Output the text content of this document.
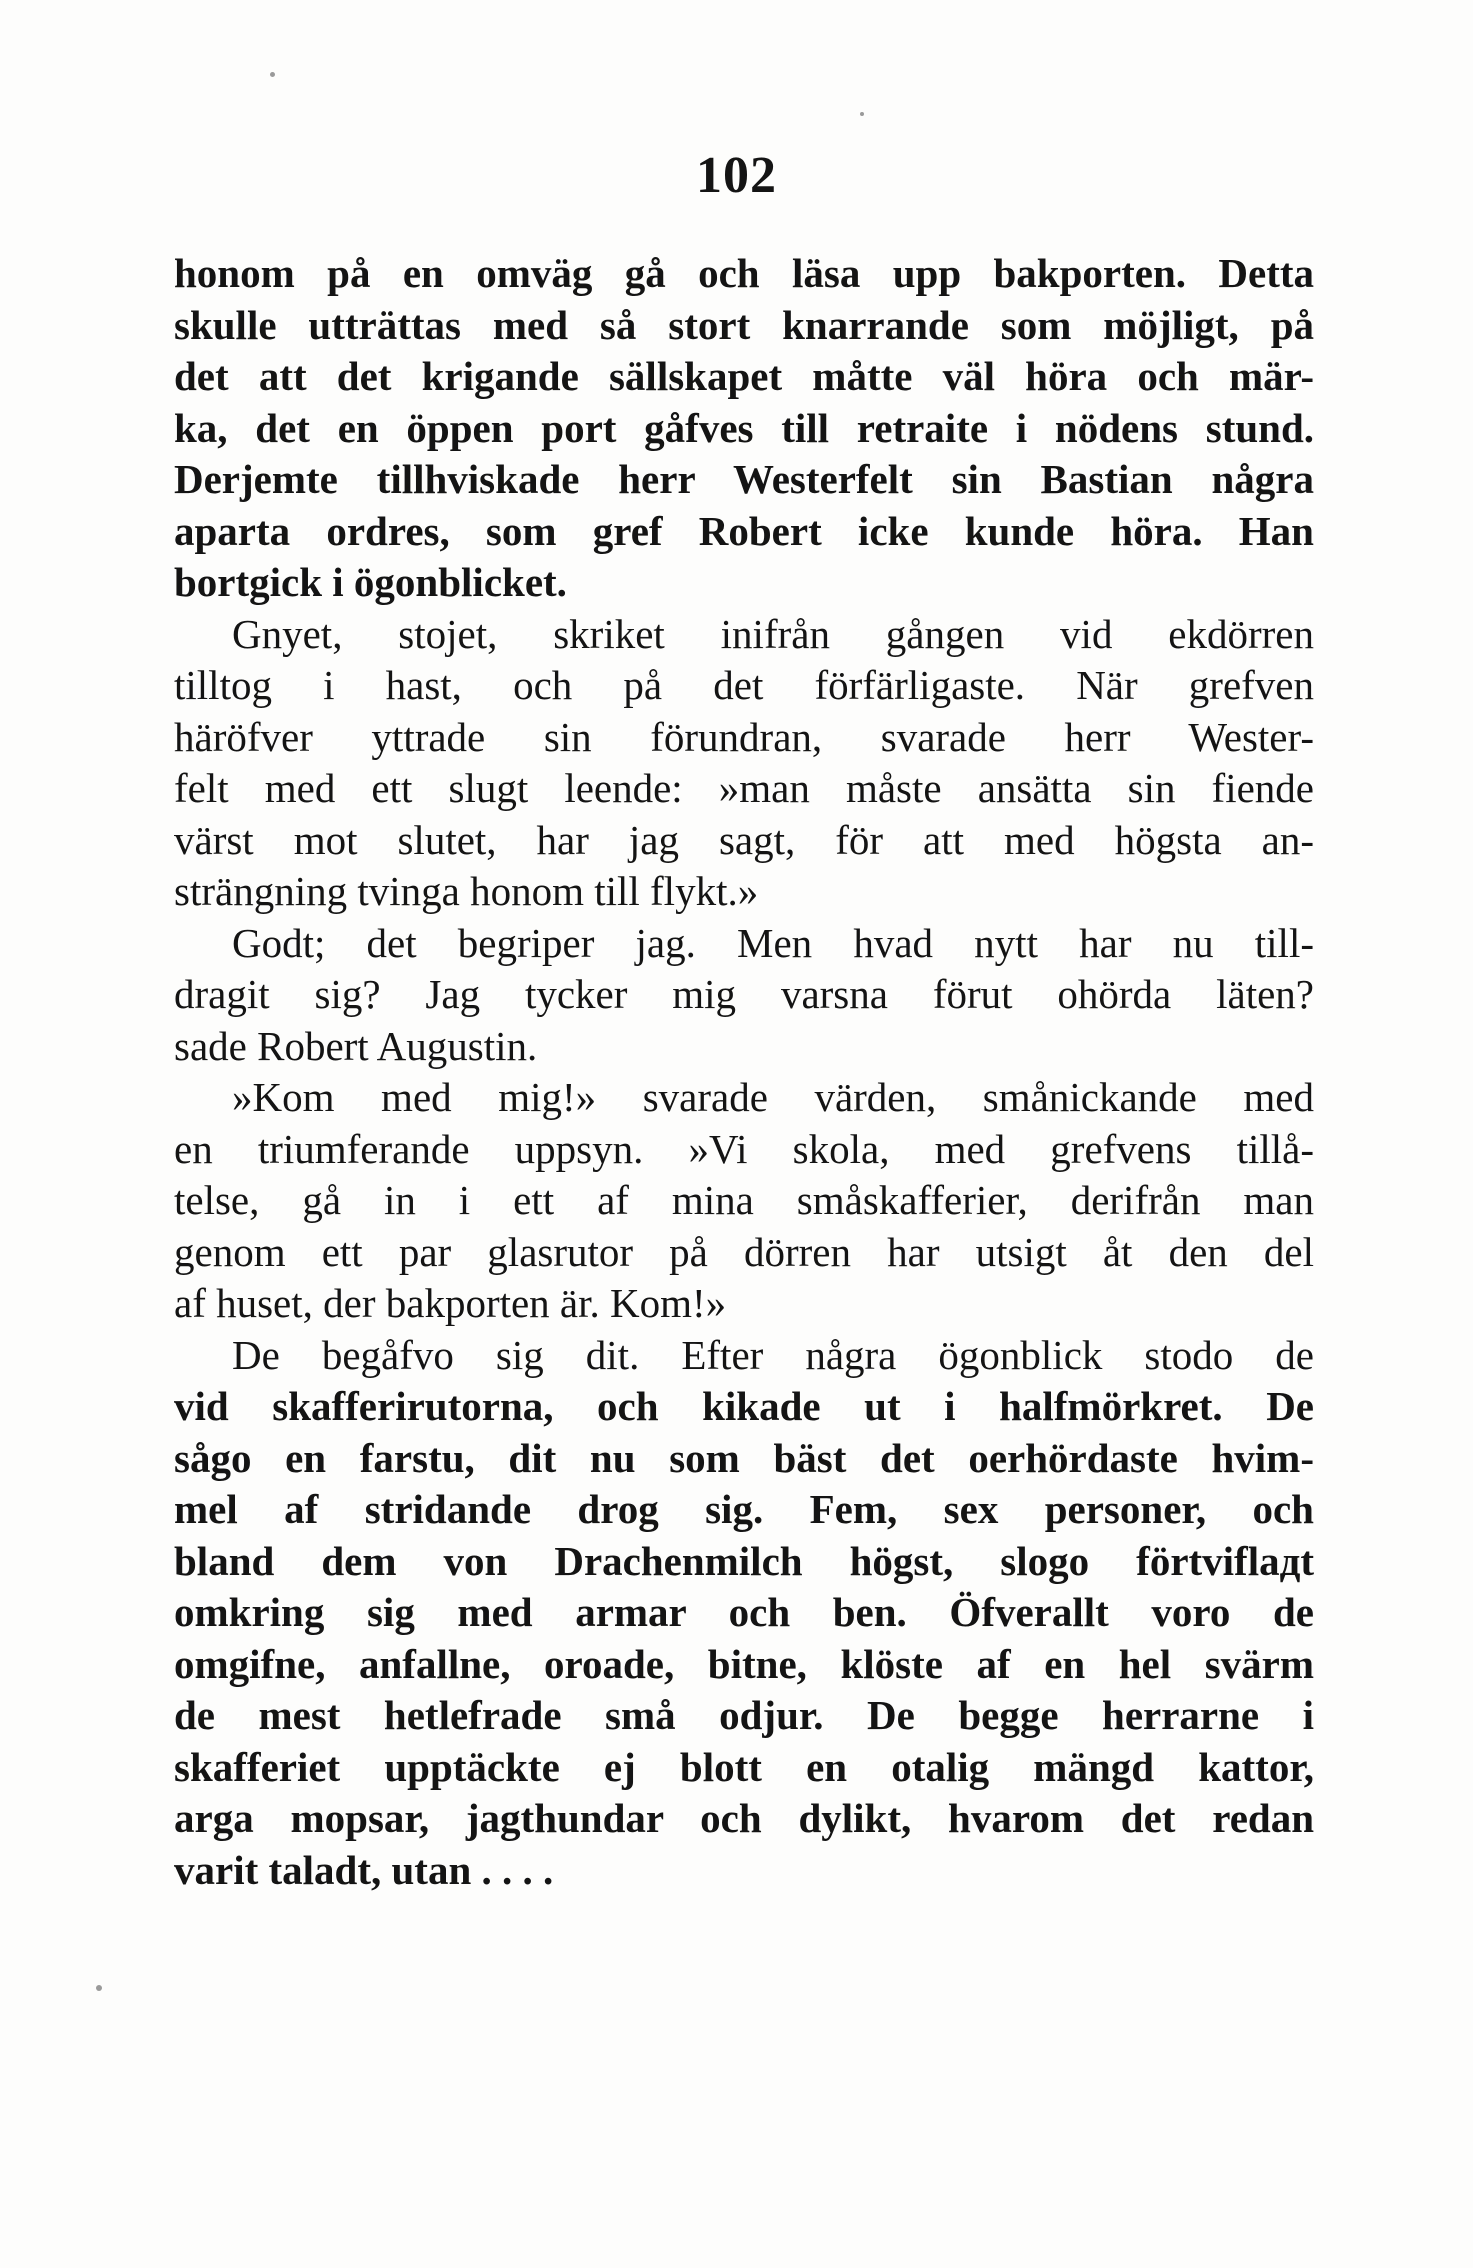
102
honom på en omväg gå och läsa upp bakporten. Detta
skulle utträttas med så stort knarrande som möjligt, på
det att det krigande sällskapet måtte väl höra och mär-
ka, det en öppen port gåfves till retraite i nödens stund.
Derjemte tillhviskade herr Westerfelt sin Bastian några
aparta ordres, som gref Robert icke kunde höra. Han
bortgick i ögonblicket.
Gnyet, stojet, skriket inifrån gången vid ekdörren
tilltog i hast, och på det förfärligaste. När grefven
häröfver yttrade sin förundran, svarade herr Wester-
felt med ett slugt leende: »man måste ansätta sin fiende
värst mot slutet, har jag sagt, för att med högsta an-
strängning tvinga honom till flykt.»
Godt; det begriper jag. Men hvad nytt har nu till-
dragit sig? Jag tycker mig varsna förut ohörda läten?
sade Robert Augustin.
»Kom med mig!» svarade värden, smånickande med
en triumferande uppsyn. »Vi skola, med grefvens tillå-
telse, gå in i ett af mina småskafferier, derifrån man
genom ett par glasrutor på dörren har utsigt åt den del
af huset, der bakporten är. Kom!»
De begåfvo sig dit. Efter några ögonblick stodo de
vid skafferirutorna, och kikade ut i halfmörkret. De
sågo en farstu, dit nu som bäst det oerhördaste hvim-
mel af stridande drog sig. Fem, sex personer, och
bland dem von Drachenmilch högst, slogo förtviflадt
omkring sig med armar och ben. Öfverallt voro de
omgifne, anfallne, oroade, bitne, klöste af en hel svärm
de mest hetlefrade små odjur. De begge herrarne i
skafferiet upptäckte ej blott en otalig mängd kattor,
arga mopsar, jagthundar och dylikt, hvarom det redan
varit taladt, utan . . . .
